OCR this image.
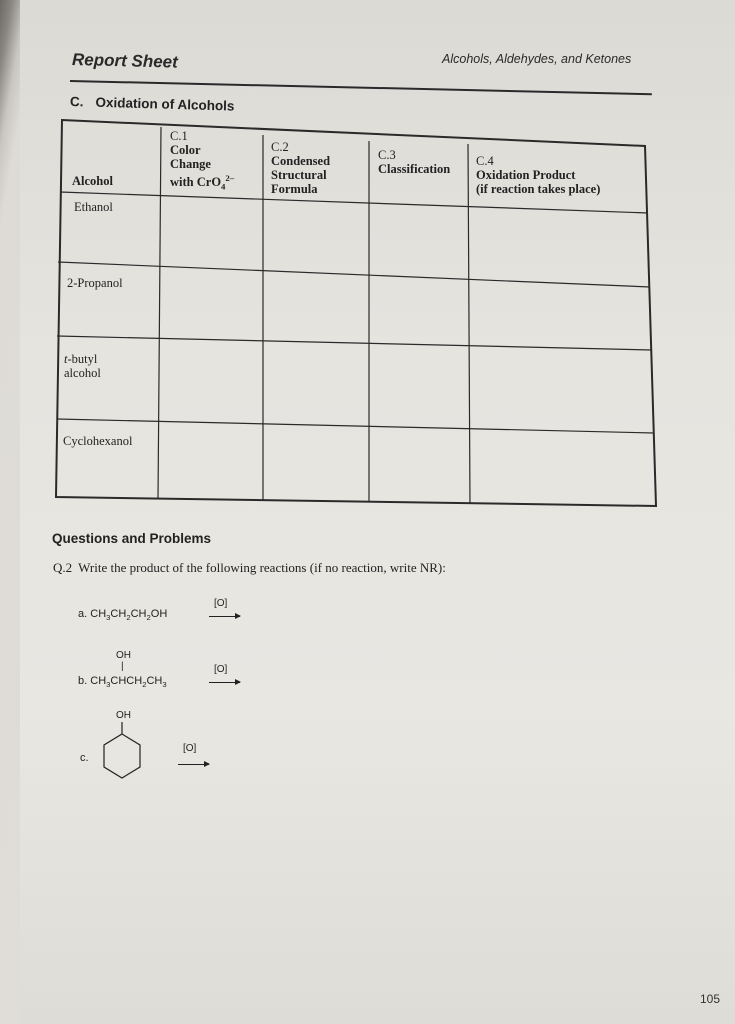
Report Sheet	Alcohols, Aldehydes, and Ketones
C. Oxidation of Alcohols
Alcohol
C.1
Color
Change
with CrO$_4^{2-}$
C.2
Condensed
Structural
Formula
C.3
Classification
C.4
Oxidation Product
(if reaction takes place)
Ethanol
2-Propanol
t-butyl
alcohol
Cyclohexanol
Questions and Problems
Q.2 Write the product of the following reactions (if no reaction, write NR):
a. $CH_3CH_2CH_2OH$
[O]
OH
|
b. $CH_3CHCH_2CH_3$
[O]
OH
c.
[O]
105
